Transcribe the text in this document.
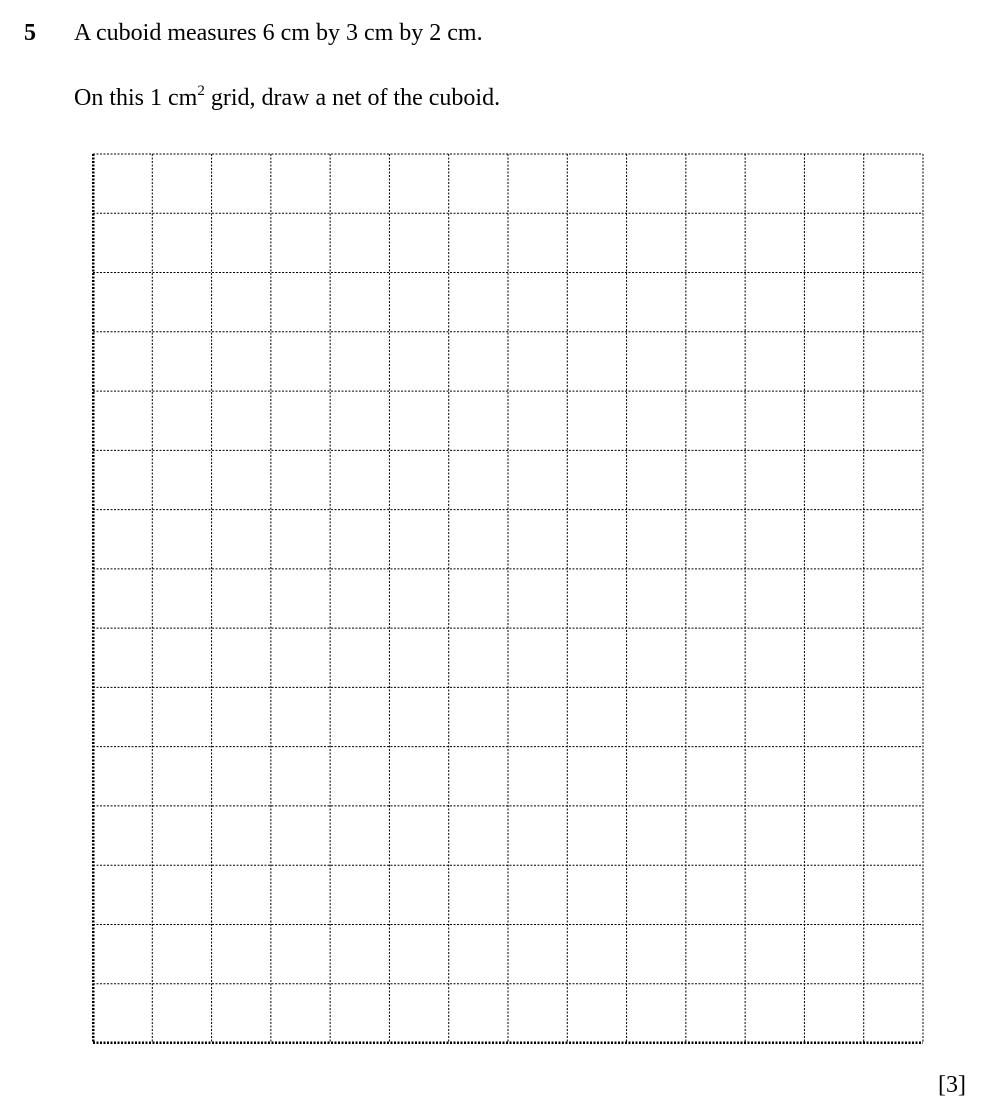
5 A cuboid measures 6 cm by 3 cm by 2 cm.
On this 1 $cm^2$ grid, draw a net of the cuboid.
[3]
